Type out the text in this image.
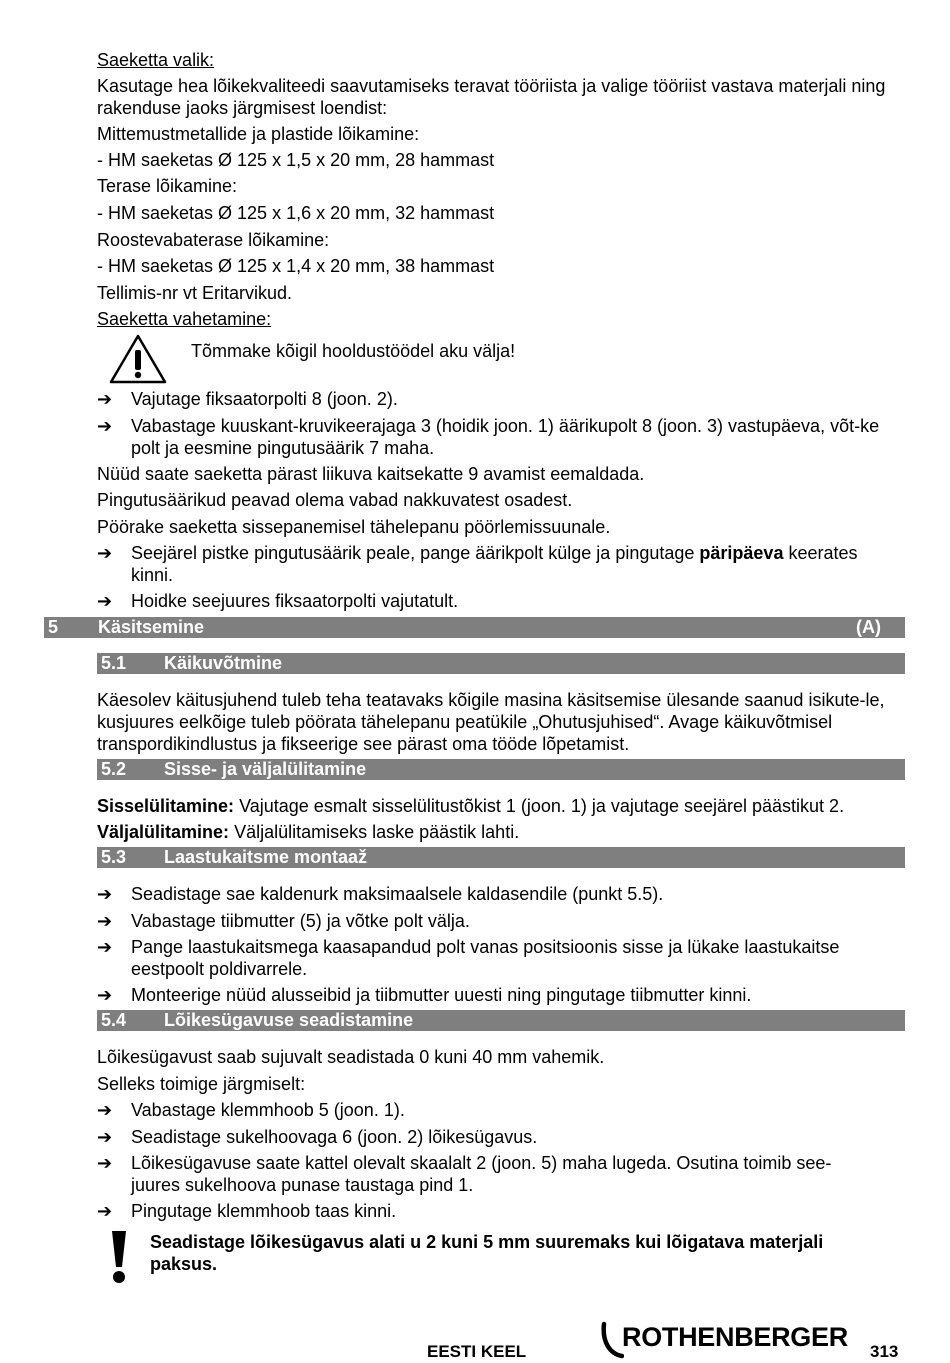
Saeketta valik:
Kasutage hea lõikekvaliteedi saavutamiseks teravat tööriista ja valige tööriist vastava materjali ning rakenduse jaoks järgmisest loendist:
Mittemustmetallide ja plastide lõikamine:
- HM saeketas Ø 125 x 1,5 x 20 mm, 28 hammast
Terase lõikamine:
- HM saeketas Ø 125 x 1,6 x 20 mm, 32 hammast
Roostevabaterase lõikamine:
- HM saeketas Ø 125 x 1,4 x 20 mm, 38 hammast
Tellimis-nr vt Eritarvikud.
Saeketta vahetamine:
Tõmmake kõigil hooldustöödel aku välja!
➔	Vajutage fiksaatorpolti 8 (joon. 2).
➔	Vabastage kuuskant-kruvikeerajaga 3 (hoidik joon. 1) äärikupolt 8 (joon. 3) vastupäeva, võt-ke polt ja eesmine pingutusäärik 7 maha.
Nüüd saate saeketta pärast liikuva kaitsekatte 9 avamist eemaldada.
Pingutusäärikud peavad olema vabad nakkuvatest osadest.
Pöörake saeketta sissepanemisel tähelepanu pöörlemissuunale.
➔	Seejärel pistke pingutusäärik peale, pange äärikpolt külge ja pingutage päripäeva keerates kinni.
➔	Hoidke seejuures fiksaatorpolti vajutatult.
5 Käsitsemine	(A)
5.1 Käikuvõtmine
Käesolev käitusjuhend tuleb teha teatavaks kõigile masina käsitsemise ülesande saanud isikute-le, kusjuures eelkõige tuleb pöörata tähelepanu peatükile „Ohutusjuhised“. Avage käikuvõtmisel transpordikindlustus ja fikseerige see pärast oma tööde lõpetamist.
5.2 Sisse- ja väljalülitamine
Sisselülitamine: Vajutage esmalt sisselülitustõkist 1 (joon. 1) ja vajutage seejärel päästikut 2.
Väljalülitamine: Väljalülitamiseks laske päästik lahti.
5.3 Laastukaitsme montaaž
➔	Seadistage sae kaldenurk maksimaalsele kaldasendile (punkt 5.5).
➔	Vabastage tiibmutter (5) ja võtke polt välja.
➔	Pange laastukaitsmega kaasapandud polt vanas positsioonis sisse ja lükake laastukaitse eestpoolt poldivarrele.
➔	Monteerige nüüd alusseibid ja tiibmutter uuesti ning pingutage tiibmutter kinni.
5.4 Lõikesügavuse seadistamine
Lõikesügavust saab sujuvalt seadistada 0 kuni 40 mm vahemik.
Selleks toimige järgmiselt:
➔	Vabastage klemmhoob 5 (joon. 1).
➔	Seadistage sukelhoovaga 6 (joon. 2) lõikesügavus.
➔	Lõikesügavuse saate kattel olevalt skaalalt 2 (joon. 5) maha lugeda. Osutina toimib see-juures sukelhoova punase taustaga pind 1.
➔	Pingutage klemmhoob taas kinni.
Seadistage lõikesügavus alati u 2 kuni 5 mm suuremaks kui lõigatava materjali paksus.
EESTI KEEL	ROTHENBERGER 313
